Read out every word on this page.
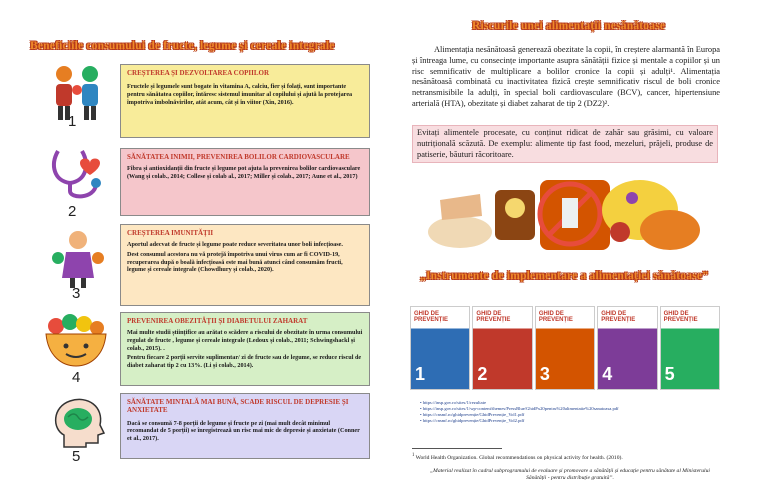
Beneficiile consumului de fructe, legume și cereale integrale
1
2
3
4
5
CREȘTEREA ȘI DEZVOLTAREA COPIILOR

Fructele și legumele sunt bogate în vitamina A, calciu, fier și folați, sunt importante pentru sănătatea copiilor, întăresc sistemul imunitar al copilului și ajută la protejarea împotriva îmbolnăvirilor, atât acum, cât și în viitor (Xin, 2016).

SĂNĂTATEA INIMII, PREVENIREA BOLILOR CARDIOVASCULARE

Fibra și antioxidanții din fructe și legume pot ajuta la prevenirea bolilor cardiovasculare (Wang și colab., 2014; Collese și colab al., 2017; Miller și colab., 2017; Aune et al., 2017)

CREȘTEREA IMUNITĂȚII

Aportul adecvat de fructe și legume poate reduce severitatea unor boli infecțioase.

Dest consumul acestora nu vă protejă împotriva unui virus cum ar fi COVID-19, recuperarea după o boală infecțioasă este mai bună atunci când consumăm fructi, legume și cereale integrale (Chowdhury și colab., 2020).

PREVENIREA OBEZITĂȚII ȘI DIABETULUI ZAHARAT

Mai multe studii științifice au arătat o scădere a riscului de obezitate în urma consumului regulat de fructe , legume și cereale integrale (Ledoux și colab., 2011; Schwingshackl și colab., 2015). .

Pentru fiecare 2 porții servite suplimentar/ zi de fructe sau de legume, se reduce riscul de diabet zaharat tip 2 cu 13%. (Li și colab., 2014).

SĂNĂTATE MINTALĂ MAI BUNĂ, SCADE RISCUL DE DEPRESIE ȘI ANXIETATE

Dacă se consumă 7-8 porții de legume și fructe pe zi (mai mult decât minimul recomandat de 5 porții) se înregistrează un risc mai mic de depresie și anxietate (Conner et al., 2017).

Riscurile unei alimentații nesănătoase
Alimentația nesănătoasă generează obezitate la copii, în creștere alarmantă în Europa și întreaga lume, cu consecințe importante asupra sănătății fizice și mentale a copiilor și un risc semnificativ de multiplicare a bolilor cronice la copii și adulți¹. Alimentația nesănătoasă combinată cu inactivitatea fizică crește semnificativ riscul de boli cronice netransmisibile la adulți, în special boli cardiovasculare (BCV), cancer, hipertensiune arterială (HTA), obezitate și diabet zaharat de tip 2 (DZ2)².
Evitați alimentele procesate, cu conținut ridicat de zahăr sau grăsimi, cu valoare nutrițională scăzută. De exemplu: alimente tip fast food, mezeluri, prăjeli, produse de patiserie, băuturi răcoritoare.
„Instrumente de implementare a alimentației sănătoase”
GHID DE PREVENȚIE
1
GHID DE PREVENȚIE
2
GHID DE PREVENȚIE
3
GHID DE PREVENȚIE
4
GHID DE PREVENȚIE
5
• https://insp.gov.ro/sites/1/rezultate
• https://insp.gov.ro/sites/1/wp-content/themes/PressBlue/GhidPx20pentru%20alimentatie%20sanatoasa.pdf
• https://cnsmf.ro/ghidprevenție/GhidPrevenție_Vol1.pdf
• https://cnsmf.ro/ghidprevenție/GhidPrevenție_Vol2.pdf
$^1$ World Health Organization. Global recommendations on physical activity for health. (2010).
„Material realizat în cadrul subprogramului de evaluare și promovare a sănătății și educație pentru sănătate al Ministerului Sănătății - pentru distribuție gratuită”.
